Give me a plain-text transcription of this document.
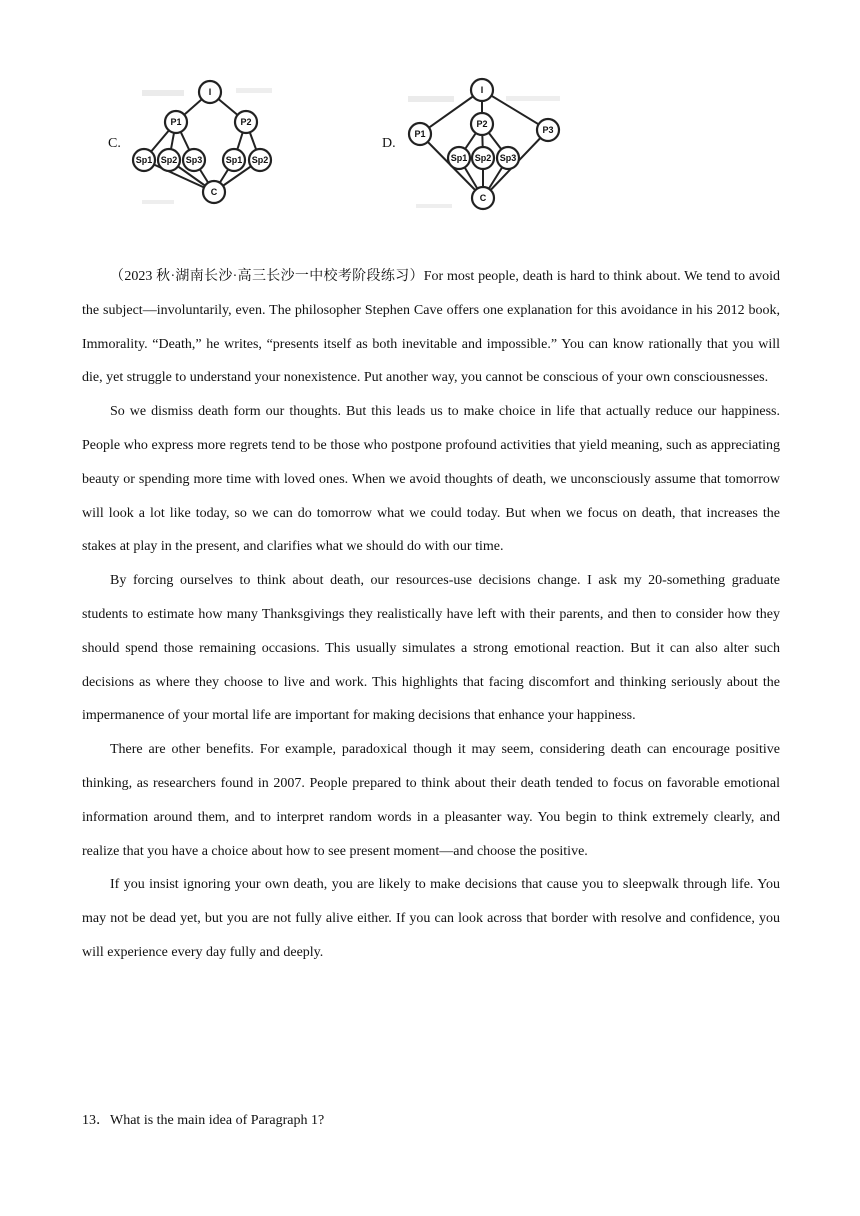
C.
I
P1	P2
Sp1 Sp2 Sp3	Sp1 Sp2
C
D.
I
P1
P2
P3
Sp1 Sp2 Sp3
C

（2023 秋·湖南长沙·高三长沙一中校考阶段练习）For most people, death is hard to think about. We tend to avoid the subject—involuntarily, even. The philosopher Stephen Cave offers one explanation for this avoidance in his 2012 book, Immorality. “Death,” he writes, “presents itself as both inevitable and impossible.” You can know rationally that you will die, yet struggle to understand your nonexistence. Put another way, you cannot be conscious of your own consciousnesses.

So we dismiss death form our thoughts. But this leads us to make choice in life that actually reduce our happiness. People who express more regrets tend to be those who postpone profound activities that yield meaning, such as appreciating beauty or spending more time with loved ones. When we avoid thoughts of death, we unconsciously assume that tomorrow will look a lot like today, so we can do tomorrow what we could today. But when we focus on death, that increases the stakes at play in the present, and clarifies what we should do with our time.

By forcing ourselves to think about death, our resources-use decisions change. I ask my 20-something graduate students to estimate how many Thanksgivings they realistically have left with their parents, and then to consider how they should spend those remaining occasions. This usually simulates a strong emotional reaction. But it can also alter such decisions as where they choose to live and work. This highlights that facing discomfort and thinking seriously about the impermanence of your mortal life are important for making decisions that enhance your happiness.

There are other benefits. For example, paradoxical though it may seem, considering death can encourage positive thinking, as researchers found in 2007. People prepared to think about their death tended to focus on favorable emotional information around them, and to interpret random words in a pleasanter way. You begin to think extremely clearly, and realize that you have a choice about how to see present moment—and choose the positive.

If you insist ignoring your own death, you are likely to make decisions that cause you to sleepwalk through life. You may not be dead yet, but you are not fully alive either. If you can look across that border with resolve and confidence, you will experience every day fully and deeply.

13．What is the main idea of Paragraph 1?
